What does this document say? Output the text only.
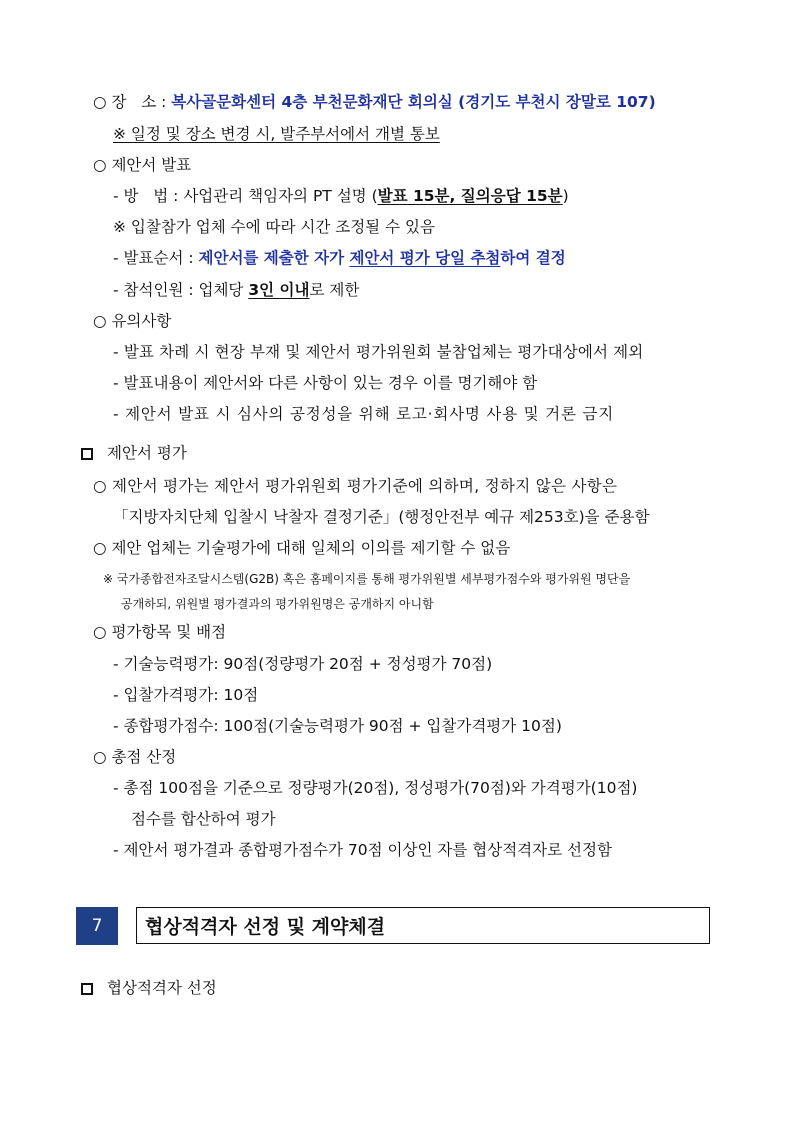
○ 장   소 : 복사골문화센터 4층 부천문화재단 회의실 (경기도 부천시 장말로 107)
※ 일정 및 장소 변경 시, 발주부서에서 개별 통보
○ 제안서 발표
- 방   법 : 사업관리 책임자의 PT 설명 (발표 15분, 질의응답 15분)
※ 입찰참가 업체 수에 따라 시간 조정될 수 있음
- 발표순서 : 제안서를 제출한 자가 제안서 평가 당일 추첨하여 결정
- 참석인원 : 업체당 3인 이내로 제한
○ 유의사항
- 발표 차례 시 현장 부재 및 제안서 평가위원회 불참업체는 평가대상에서 제외
- 발표내용이 제안서와 다른 사항이 있는 경우 이를 명기해야 함
- 제안서 발표 시 심사의 공정성을 위해 로고·회사명 사용 및 거론 금지
제안서 평가
○ 제안서 평가는 제안서 평가위원회 평가기준에 의하며, 정하지 않은 사항은
「지방자치단체 입찰시 낙찰자 결정기준」(행정안전부 예규 제253호)을 준용함
○ 제안 업체는 기술평가에 대해 일체의 이의를 제기할 수 없음
※ 국가종합전자조달시스템(G2B) 혹은 홈페이지를 통해 평가위원별 세부평가점수와 평가위원 명단을
공개하되, 위원별 평가결과의 평가위원명은 공개하지 아니함
○ 평가항목 및 배점
- 기술능력평가: 90점(정량평가 20점 + 정성평가 70점)
- 입찰가격평가: 10점
- 종합평가점수: 100점(기술능력평가 90점 + 입찰가격평가 10점)
○ 총점 산정
- 총점 100점을 기준으로 정량평가(20점), 정성평가(70점)와 가격평가(10점)
점수를 합산하여 평가
- 제안서 평가결과 종합평가점수가 70점 이상인 자를 협상적격자로 선정함
7	협상적격자 선정 및 계약체결
협상적격자 선정
